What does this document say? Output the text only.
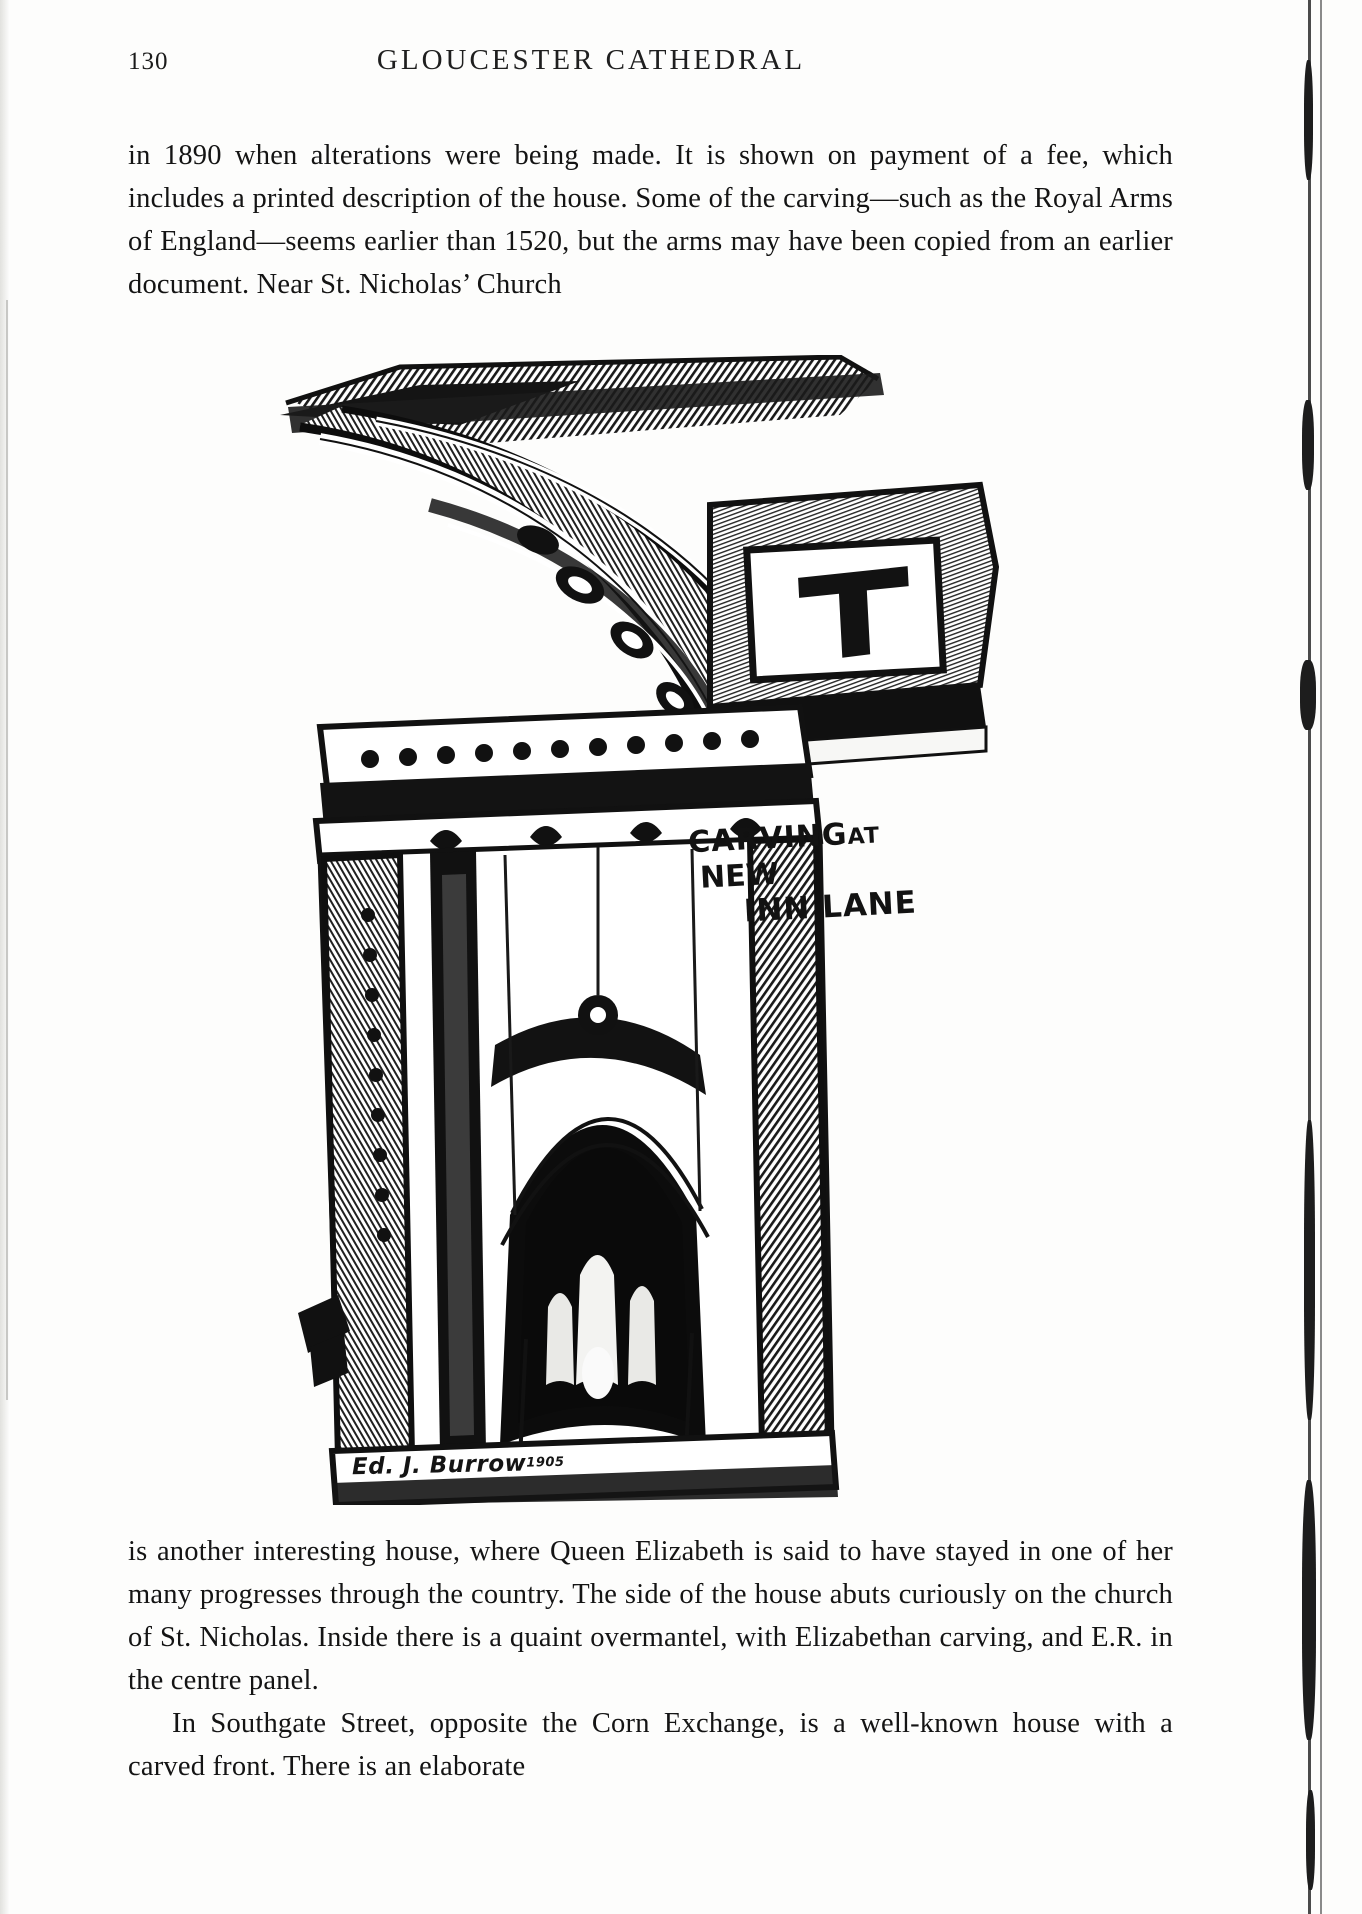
130	GLOUCESTER CATHEDRAL

in 1890 when alterations were being made. It is shown on payment of a fee, which includes a printed description of the house. Some of the carving—such as the Royal Arms of England—seems earlier than 1520, but the arms may have been copied from an earlier document. Near St. Nicholas’ Church

CARVINGAT
NEW
INN LANE
Ed. J. Burrow1905

is another interesting house, where Queen Elizabeth is said to have stayed in one of her many progresses through the country. The side of the house abuts curiously on the church of St. Nicholas. Inside there is a quaint overmantel, with Elizabethan carving, and E.R. in the centre panel.

In Southgate Street, opposite the Corn Exchange, is a well-known house with a carved front. There is an elaborate
